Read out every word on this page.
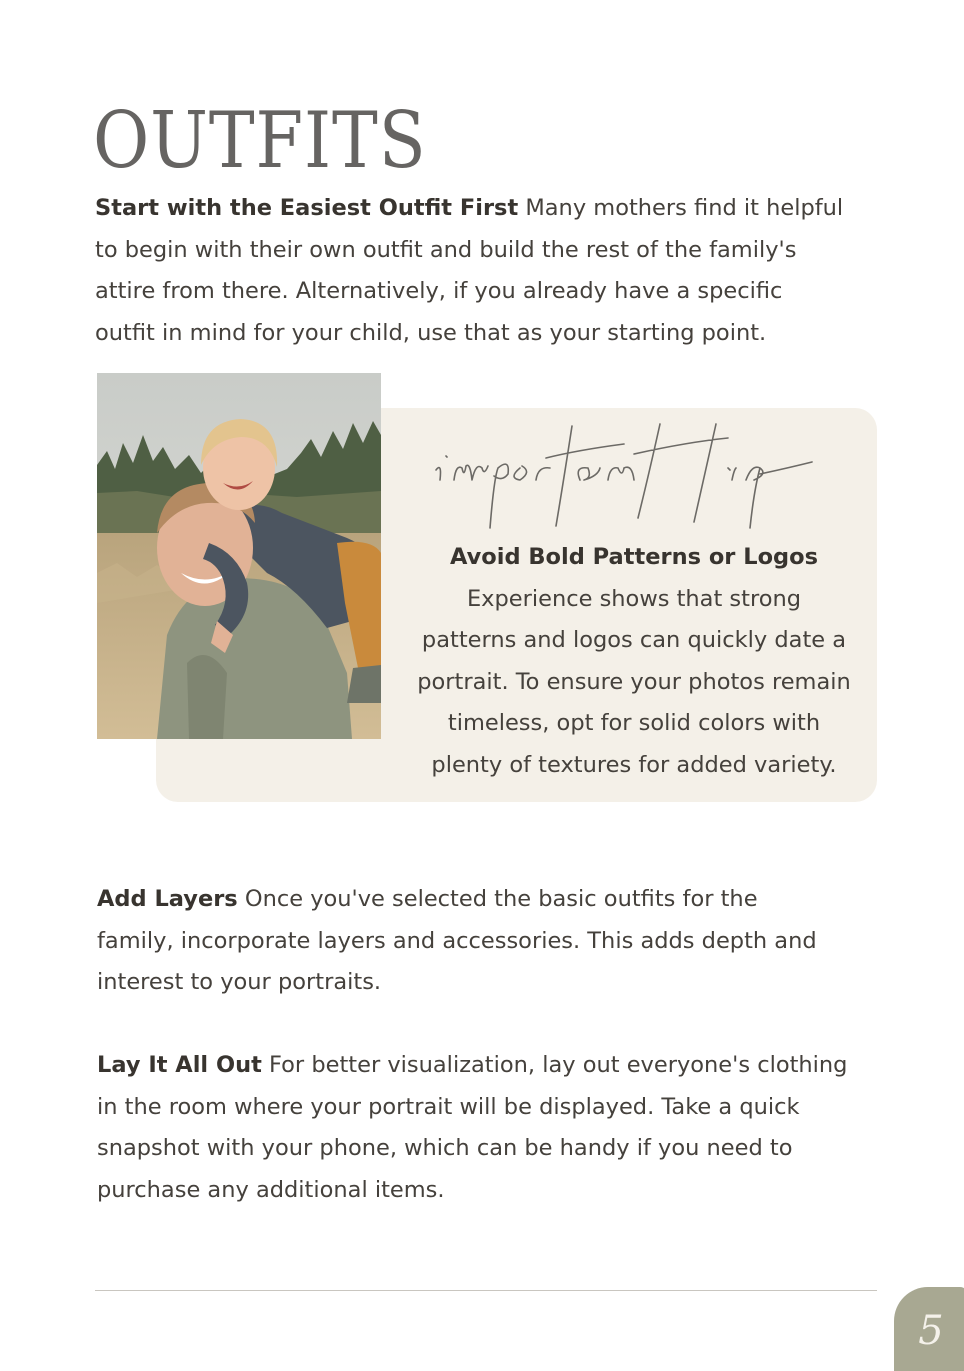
OUTFITS

Start with the Easiest Outfit First Many mothers find it helpful
to begin with their own outfit and build the rest of the family's
attire from there. Alternatively, if you already have a specific
outfit in mind for your child, use that as your starting point.

Avoid Bold Patterns or Logos
Experience shows that strong
patterns and logos can quickly date a
portrait. To ensure your photos remain
timeless, opt for solid colors with
plenty of textures for added variety.

Add Layers Once you've selected the basic outfits for the
family, incorporate layers and accessories. This adds depth and
interest to your portraits.

Lay It All Out For better visualization, lay out everyone's clothing
in the room where your portrait will be displayed. Take a quick
snapshot with your phone, which can be handy if you need to
purchase any additional items.

5
